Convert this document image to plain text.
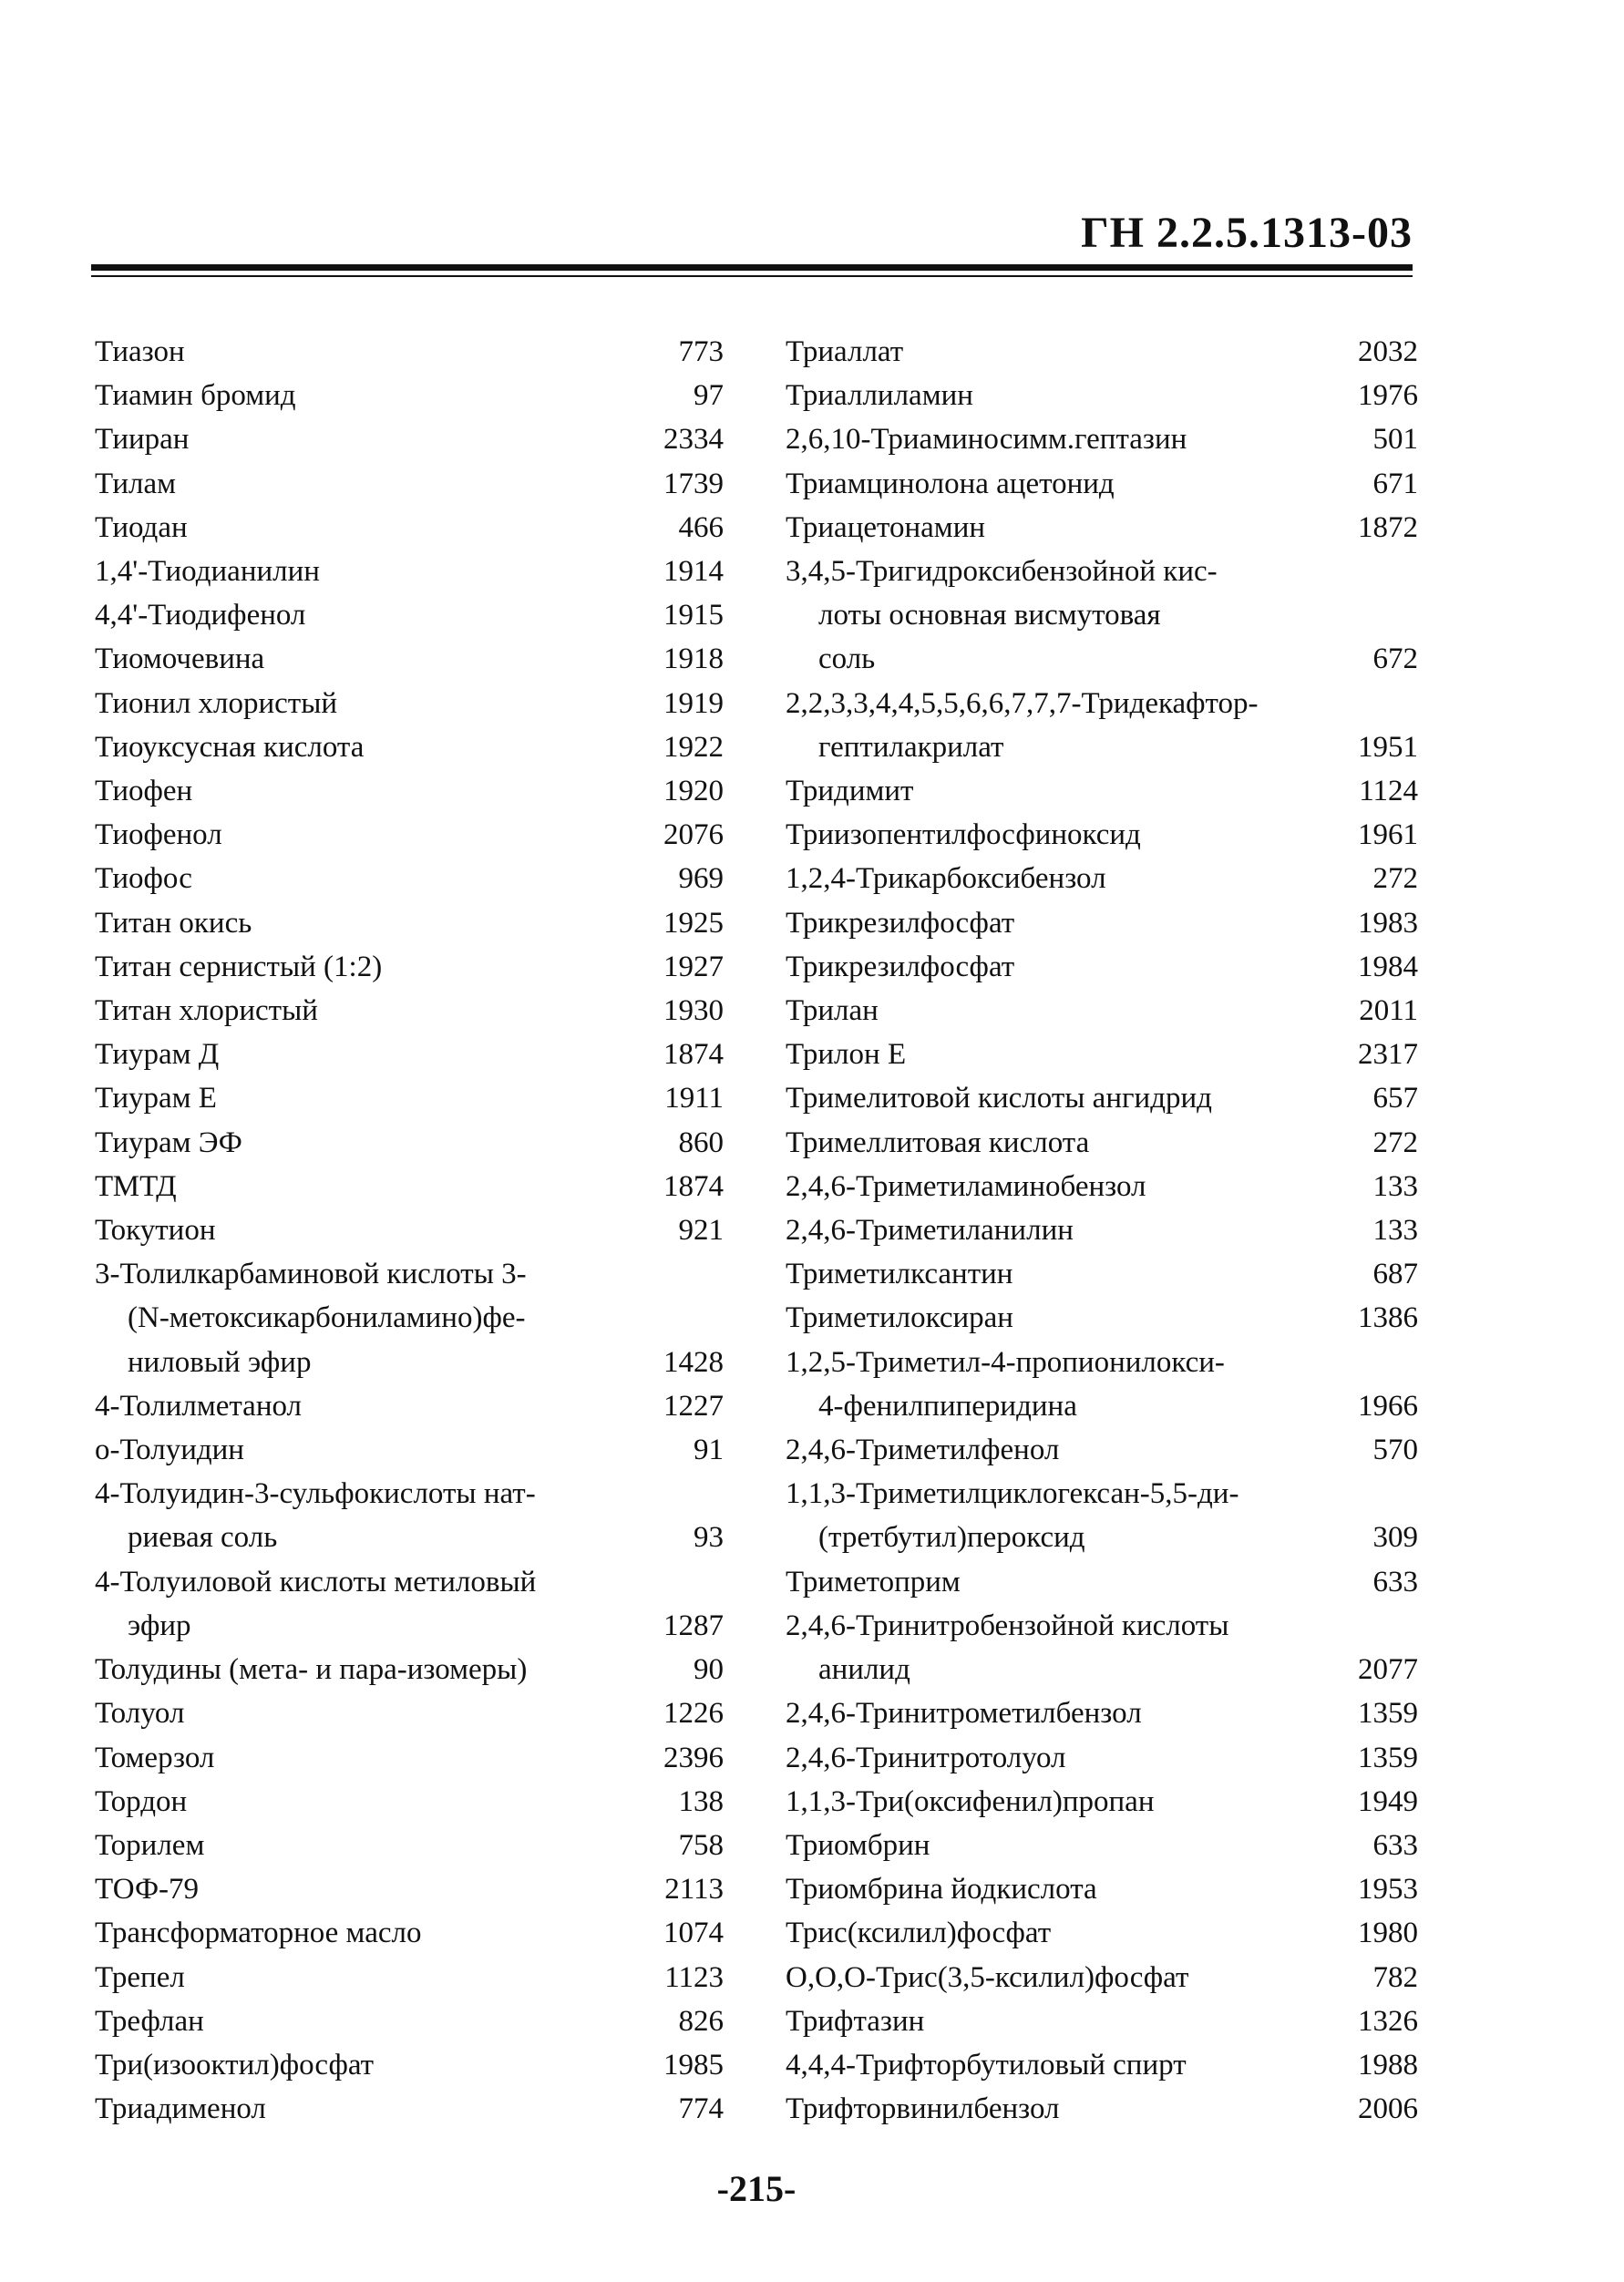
ГН 2.2.5.1313-03
Тиазон	773
Тиамин бромид	97
Тииран	2334
Тилам	1739
Тиодан	466
1,4'-Тиодианилин	1914
4,4'-Тиодифенол	1915
Тиомочевина	1918
Тионил хлористый	1919
Тиоуксусная кислота	1922
Тиофен	1920
Тиофенол	2076
Тиофос	969
Титан окись	1925
Титан сернистый (1:2)	1927
Титан хлористый	1930
Тиурам Д	1874
Тиурам Е	1911
Тиурам ЭФ	860
ТМТД	1874
Токутион	921
3-Толилкарбаминовой кислоты 3-
(N-метоксикарбониламино)фе-
ниловый эфир	1428
4-Толилметанол	1227
о-Толуидин	91
4-Толуидин-3-сульфокислоты нат-
риевая соль	93
4-Толуиловой кислоты метиловый
эфир	1287
Толудины (мета- и пара-изомеры)	90
Толуол	1226
Томерзол	2396
Тордон	138
Торилем	758
ТОФ-79	2113
Трансформаторное масло	1074
Трепел	1123
Трефлан	826
Три(изооктил)фосфат	1985
Триадименол	774
Триаллат	2032
Триаллиламин	1976
2,6,10-Триаминосимм.гептазин	501
Триамцинолона ацетонид	671
Триацетонамин	1872
3,4,5-Тригидроксибензойной кис-
лоты основная висмутовая
соль	672
2,2,3,3,4,4,5,5,6,6,7,7,7-Тридекафтор-
гептилакрилат	1951
Тридимит	1124
Триизопентилфосфиноксид	1961
1,2,4-Трикарбоксибензол	272
Трикрезилфосфат	1983
Трикрезилфосфат	1984
Трилан	2011
Трилон Е	2317
Тримелитовой кислоты ангидрид	657
Тримеллитовая кислота	272
2,4,6-Триметиламинобензол	133
2,4,6-Триметиланилин	133
Триметилксантин	687
Триметилоксиран	1386
1,2,5-Триметил-4-пропионилокси-
4-фенилпиперидина	1966
2,4,6-Триметилфенол	570
1,1,3-Триметилциклогексан-5,5-ди-
(третбутил)пероксид	309
Триметоприм	633
2,4,6-Тринитробензойной кислоты
анилид	2077
2,4,6-Тринитрометилбензол	1359
2,4,6-Тринитротолуол	1359
1,1,3-Три(оксифенил)пропан	1949
Триомбрин	633
Триомбрина йодкислота	1953
Трис(ксилил)фосфат	1980
О,О,О-Трис(3,5-ксилил)фосфат	782
Трифтазин	1326
4,4,4-Трифторбутиловый спирт	1988
Трифторвинилбензол	2006
-215-
